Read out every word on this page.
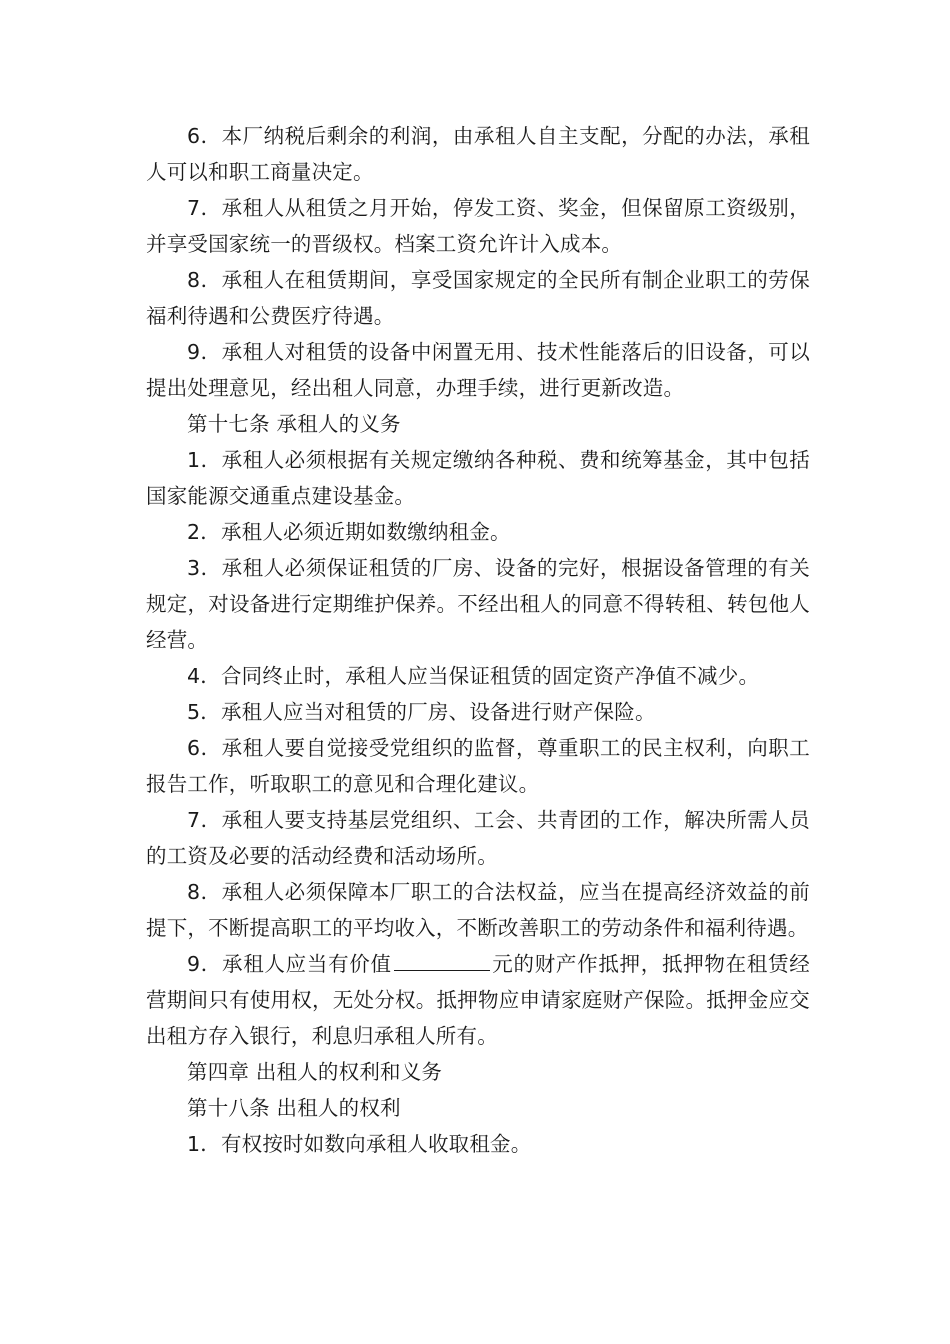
6．本厂纳税后剩余的利润，由承租人自主支配，分配的办法，承租人可以和职工商量决定。

7．承租人从租赁之月开始，停发工资、奖金，但保留原工资级别，并享受国家统一的晋级权。档案工资允许计入成本。

8．承租人在租赁期间，享受国家规定的全民所有制企业职工的劳保福利待遇和公费医疗待遇。

9．承租人对租赁的设备中闲置无用、技术性能落后的旧设备，可以提出处理意见，经出租人同意，办理手续，进行更新改造。

第十七条 承租人的义务

1．承租人必须根据有关规定缴纳各种税、费和统筹基金，其中包括国家能源交通重点建设基金。

2．承租人必须近期如数缴纳租金。

3．承租人必须保证租赁的厂房、设备的完好，根据设备管理的有关规定，对设备进行定期维护保养。不经出租人的同意不得转租、转包他人经营。

4．合同终止时，承租人应当保证租赁的固定资产净值不减少。

5．承租人应当对租赁的厂房、设备进行财产保险。

6．承租人要自觉接受党组织的监督，尊重职工的民主权利，向职工报告工作，听取职工的意见和合理化建议。

7．承租人要支持基层党组织、工会、共青团的工作，解决所需人员的工资及必要的活动经费和活动场所。

8．承租人必须保障本厂职工的合法权益，应当在提高经济效益的前提下，不断提高职工的平均收入，不断改善职工的劳动条件和福利待遇。

9．承租人应当有价值	元的财产作抵押，抵押物在租赁经营期间只有使用权，无处分权。抵押物应申请家庭财产保险。抵押金应交出租方存入银行，利息归承租人所有。

第四章 出租人的权利和义务

第十八条 出租人的权利

1．有权按时如数向承租人收取租金。
